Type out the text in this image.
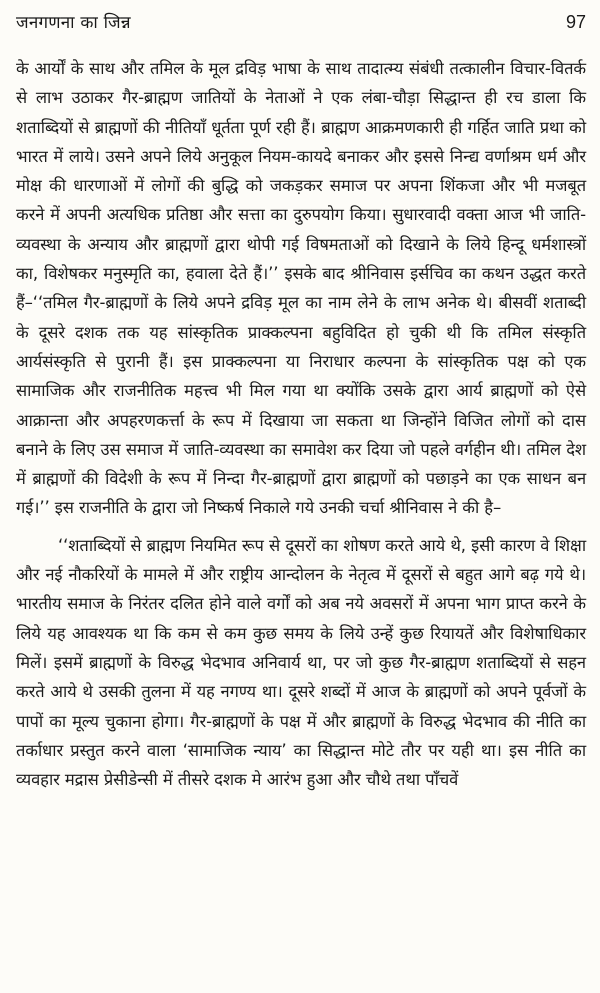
जनगणना का जिन्न	97

के आर्यों के साथ और तमिल के मूल द्रविड़ भाषा के साथ तादात्म्य संबंधी तत्कालीन विचार-वितर्क से लाभ उठाकर गैर-ब्राह्मण जातियों के नेताओं ने एक लंबा-चौड़ा सिद्धान्त ही रच डाला कि शताब्दियों से ब्राह्मणों की नीतियाँ धूर्तता पूर्ण रही हैं। ब्राह्मण आक्रमणकारी ही गर्हित जाति प्रथा को भारत में लाये। उसने अपने लिये अनुकूल नियम-कायदे बनाकर और इससे निन्द्य वर्णाश्रम धर्म और मोक्ष की धारणाओं में लोगों की बुद्धि को जकड़कर समाज पर अपना शिंकजा और भी मजबूत करने में अपनी अत्यधिक प्रतिष्ठा और सत्ता का दुरुपयोग किया। सुधारवादी वक्ता आज भी जाति-व्यवस्था के अन्याय और ब्राह्मणों द्वारा थोपी गई विषमताओं को दिखाने के लिये हिन्दू धर्मशास्त्रों का, विशेषकर मनुस्मृति का, हवाला देते हैं।’’ इसके बाद श्रीनिवास इर्सचिव का कथन उद्धत करते हैं–‘‘तमिल गैर-ब्राह्मणों के लिये अपने द्रविड़ मूल का नाम लेने के लाभ अनेक थे। बीसवीं शताब्दी के दूसरे दशक तक यह सांस्कृतिक प्राक्कल्पना बहुविदित हो चुकी थी कि तमिल संस्कृति आर्यसंस्कृति से पुरानी हैं। इस प्राक्कल्पना या निराधार कल्पना के सांस्कृतिक पक्ष को एक सामाजिक और राजनीतिक महत्त्व भी मिल गया था क्योंकि उसके द्वारा आर्य ब्राह्मणों को ऐसे आक्रान्ता और अपहरणकर्त्ता के रूप में दिखाया जा सकता था जिन्होंने विजित लोगों को दास बनाने के लिए उस समाज में जाति-व्यवस्था का समावेश कर दिया जो पहले वर्गहीन थी। तमिल देश में ब्राह्मणों की विदेशी के रूप में निन्दा गैर-ब्राह्मणों द्वारा ब्राह्मणों को पछाड़ने का एक साधन बन गई।’’ इस राजनीति के द्वारा जो निष्कर्ष निकाले गये उनकी चर्चा श्रीनिवास ने की है–

‘‘शताब्दियों से ब्राह्मण नियमित रूप से दूसरों का शोषण करते आये थे, इसी कारण वे शिक्षा और नई नौकरियों के मामले में और राष्ट्रीय आन्दोलन के नेतृत्व में दूसरों से बहुत आगे बढ़ गये थे। भारतीय समाज के निरंतर दलित होने वाले वर्गों को अब नये अवसरों में अपना भाग प्राप्त करने के लिये यह आवश्यक था कि कम से कम कुछ समय के लिये उन्हें कुछ रियायतें और विशेषाधिकार मिलें। इसमें ब्राह्मणों के विरुद्ध भेदभाव अनिवार्य था, पर जो कुछ गैर-ब्राह्मण शताब्दियों से सहन करते आये थे उसकी तुलना में यह नगण्य था। दूसरे शब्दों में आज के ब्राह्मणों को अपने पूर्वजों के पापों का मूल्य चुकाना होगा। गैर-ब्राह्मणों के पक्ष में और ब्राह्मणों के विरुद्ध भेदभाव की नीति का तर्काधार प्रस्तुत करने वाला ‘सामाजिक न्याय’ का सिद्धान्त मोटे तौर पर यही था। इस नीति का व्यवहार मद्रास प्रेसीडेन्सी में तीसरे दशक मे आरंभ हुआ और चौथे तथा पाँचवें
